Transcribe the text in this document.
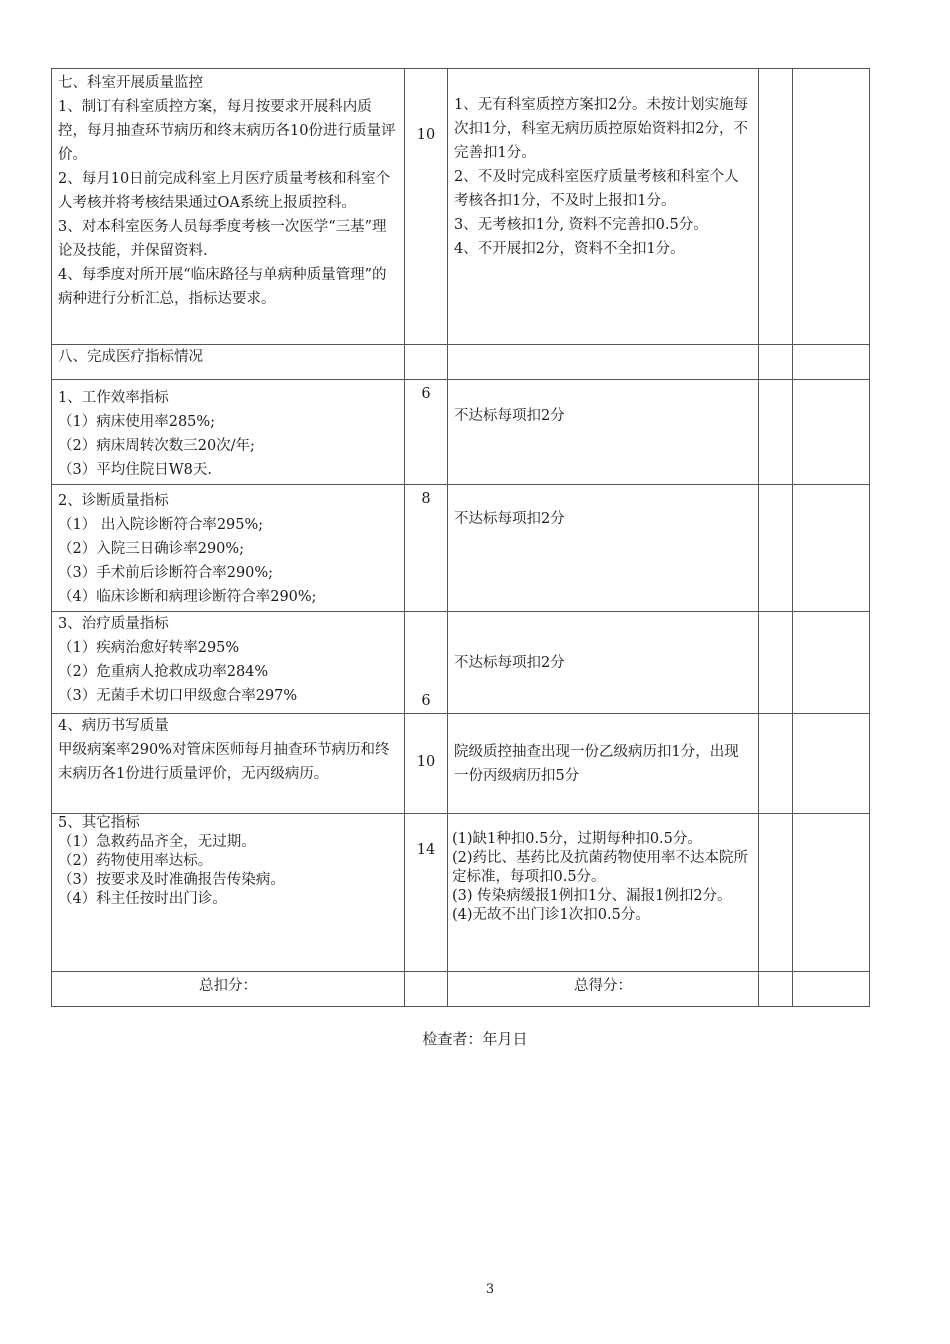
七、科室开展质量监控
1、制订有科室质控方案，每月按要求开展科内质控，每月抽查环节病历和终末病历各10份进行质量评价。
2、每月10日前完成科室上月医疗质量考核和科室个人考核并将考核结果通过OA系统上报质控科。
3、对本科室医务人员每季度考核一次医学“三基”理论及技能，并保留资料.
4、每季度对所开展“临床路径与单病种质量管理”的病种进行分析汇总，指标达要求。	10	1、无有科室质控方案扣2分。未按计划实施每次扣1分，科室无病历质控原始资料扣2分，不完善扣1分。
2、不及时完成科室医疗质量考核和科室个人考核各扣1分，不及时上报扣1分。
3、无考核扣1分, 资料不完善扣0.5分。
4、不开展扣2分，资料不全扣1分。		

八、完成医疗指标情况				

1、工作效率指标
（1）病床使用率285%;
（2）病床周转次数三20次/年;
（3）平均住院日W8天.	6	不达标每项扣2分		

2、诊断质量指标
（1） 出入院诊断符合率295%;
（2）入院三日确诊率290%;
（3）手术前后诊断符合率290%;
（4）临床诊断和病理诊断符合率290%;	8	不达标每项扣2分		

3、治疗质量指标
（1）疾病治愈好转率295%
（2）危重病人抢救成功率284%
（3）无菌手术切口甲级愈合率297%	6	不达标每项扣2分		

4、病历书写质量
甲级病案率290%对管床医师每月抽查环节病历和终末病历各1份进行质量评价，无丙级病历。	10	院级质控抽查出现一份乙级病历扣1分，出现一份丙级病历扣5分		

5、其它指标
（1）急救药品齐全，无过期。
（2）药物使用率达标。
（3）按要求及时准确报告传染病。
（4）科主任按时出门诊。	14	(1)缺1种扣0.5分，过期每种扣0.5分。
(2)药比、基药比及抗菌药物使用率不达本院所定标准，每项扣0.5分。
(3) 传染病缓报1例扣1分、漏报1例扣2分。
(4)无故不出门诊1次扣0.5分。		

总扣分：		总得分：		
检查者：年月日
3
